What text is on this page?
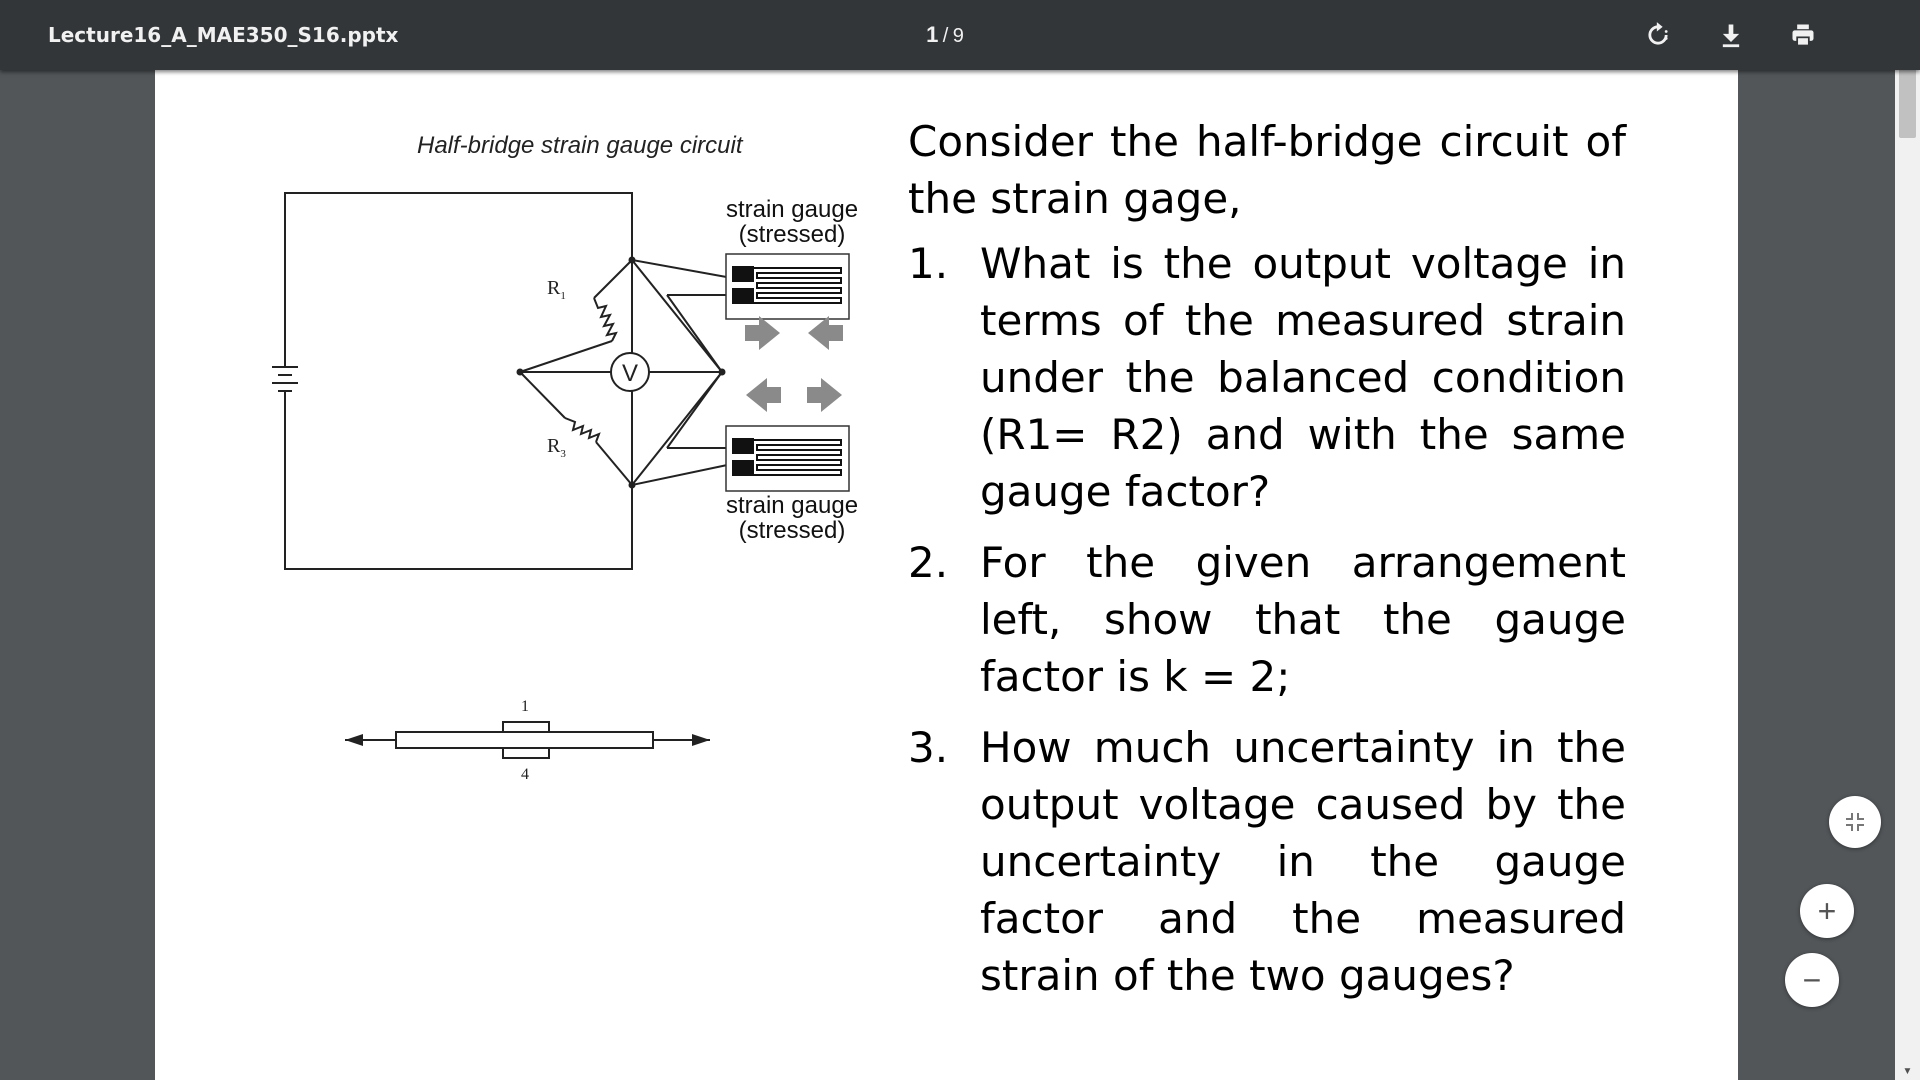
Lecture16_A_MAE350_S16.pptx	1 / 9
V
Half-bridge strain gauge circuit
strain gauge
(stressed)
strain gauge
(stressed)
$R_1$
$R_3$
1
4

Consider the half-bridge circuit of the strain gage,

1. What is the output voltage in terms of the measured strain under the balanced condition (R1= R2) and with the same gauge factor?
2. For the given arrangement left, show that the gauge factor is k = 2;
3. How much uncertainty in the output voltage caused by the uncertainty in the gauge factor and the measured strain of the two gauges?
▼
+
−
